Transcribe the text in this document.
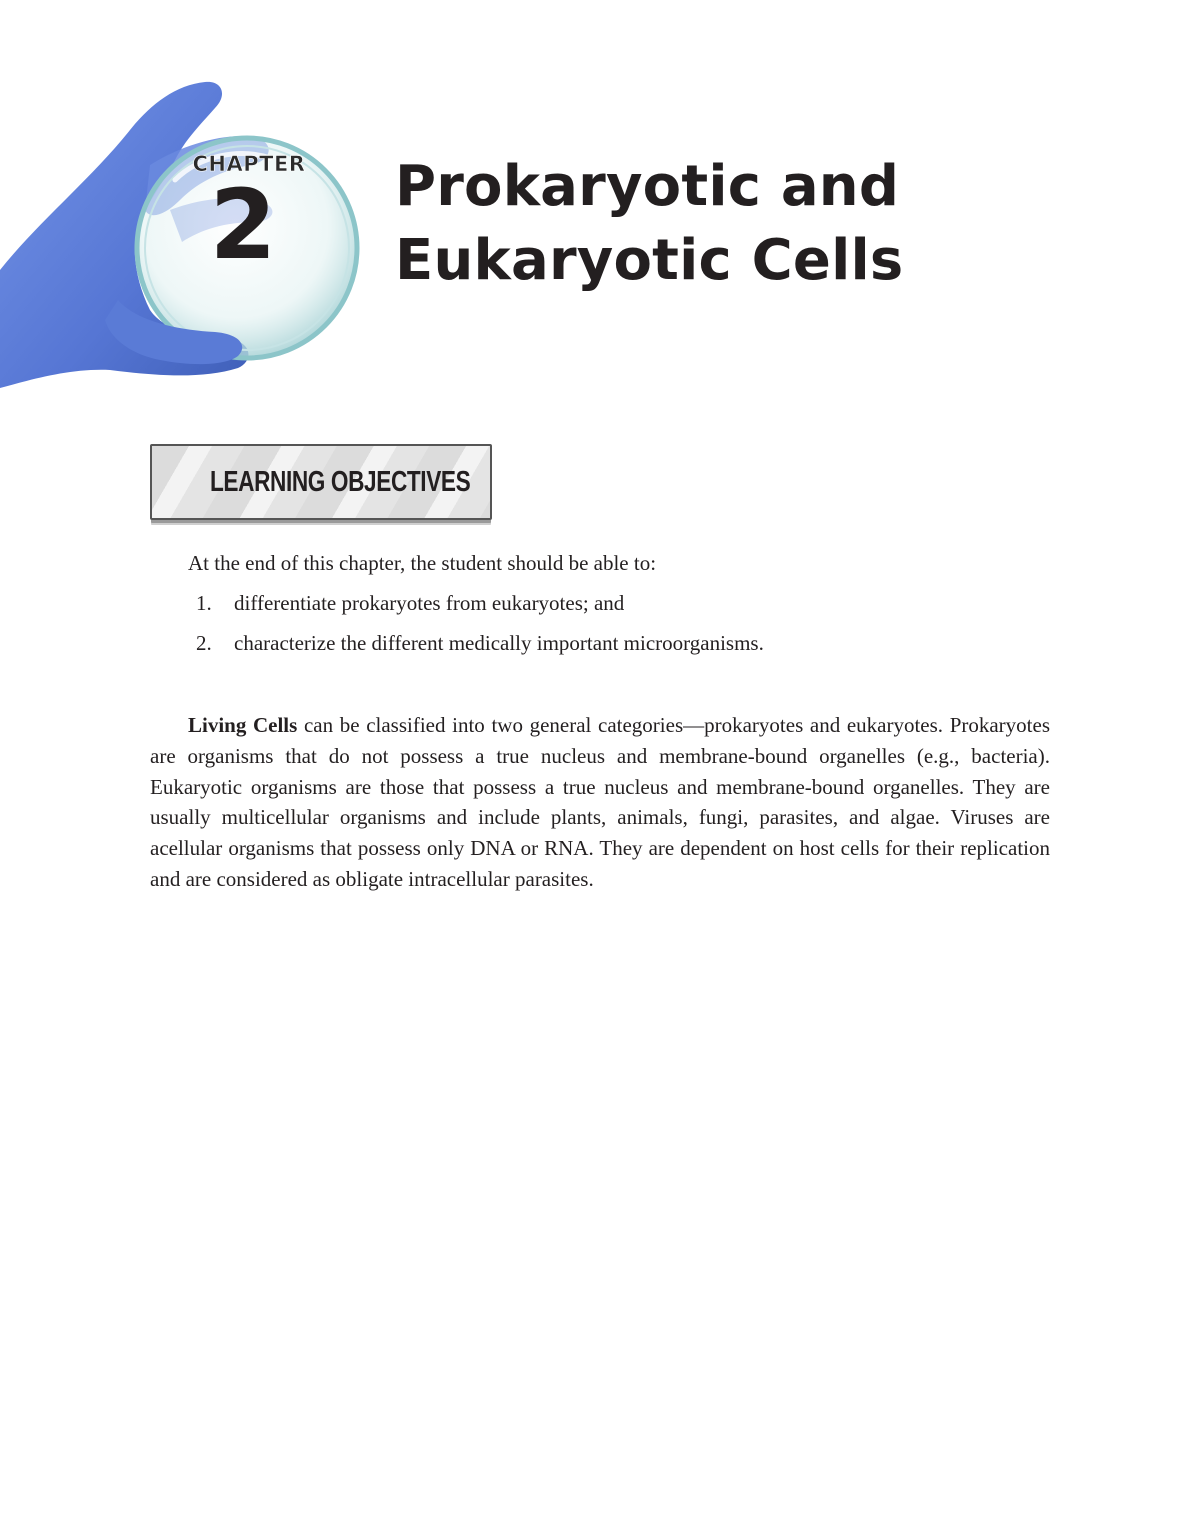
CHAPTER
2	Prokaryotic and
Eukaryotic Cells
LEARNING OBJECTIVES
At the end of this chapter, the student should be able to:
1.	differentiate prokaryotes from eukaryotes; and
2.	characterize the different medically important microorganisms.

Living Cells can be classified into two general categories—prokaryotes and eukaryotes. Prokaryotes are organisms that do not possess a true nucleus and membrane-bound organelles (e.g., bacteria). Eukaryotic organisms are those that possess a true nucleus and membrane-bound organelles. They are usually multicellular organisms and include plants, animals, fungi, parasites, and algae. Viruses are acellular organisms that possess only DNA or RNA. They are dependent on host cells for their replication and are considered as obligate intracellular parasites.
